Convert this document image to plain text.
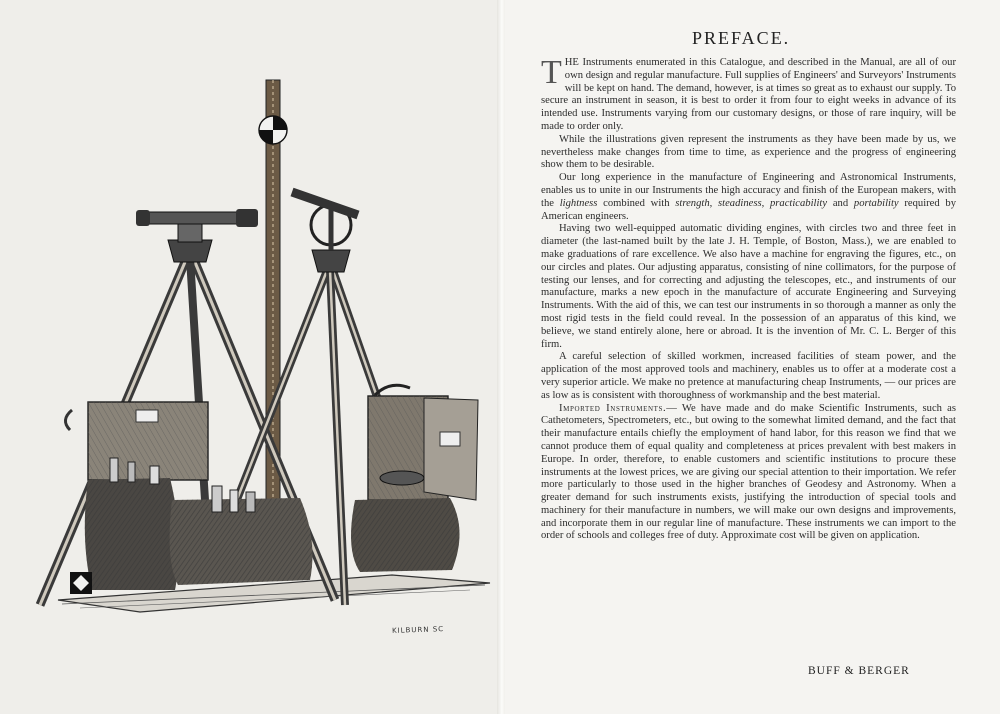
KILBURN SC
PREFACE.

THE Instruments enumerated in this Catalogue, and described in the Manual, are all of our own design and regular manufacture. Full supplies of Engineers' and Surveyors' Instruments will be kept on hand. The demand, however, is at times so great as to exhaust our supply. To secure an instrument in season, it is best to order it from four to eight weeks in advance of its intended use. Instruments varying from our customary designs, or those of rare inquiry, will be made to order only.

While the illustrations given represent the instruments as they have been made by us, we nevertheless make changes from time to time, as experience and the progress of engineering show them to be desirable.

Our long experience in the manufacture of Engineering and Astronomical Instruments, enables us to unite in our Instruments the high accuracy and finish of the European makers, with the lightness combined with strength, steadiness, practicability and portability required by American engineers.

Having two well-equipped automatic dividing engines, with circles two and three feet in diameter (the last-named built by the late J. H. Temple, of Boston, Mass.), we are enabled to make graduations of rare excellence. We also have a machine for engraving the figures, etc., on our circles and plates. Our adjusting apparatus, consisting of nine collimators, for the purpose of testing our lenses, and for correcting and adjusting the telescopes, etc., and instruments of our manufacture, marks a new epoch in the manufacture of accurate Engineering and Surveying Instruments. With the aid of this, we can test our instruments in so thorough a manner as only the most rigid tests in the field could reveal. In the possession of an apparatus of this kind, we believe, we stand entirely alone, here or abroad. It is the invention of Mr. C. L. Berger of this firm.

A careful selection of skilled workmen, increased facilities of steam power, and the application of the most approved tools and machinery, enables us to offer at a moderate cost a very superior article. We make no pretence at manufacturing cheap Instruments, — our prices are as low as is consistent with thoroughness of workmanship and the best material.

Imported Instruments.— We have made and do make Scientific Instruments, such as Cathetometers, Spectrometers, etc., but owing to the somewhat limited demand, and the fact that their manufacture entails chiefly the employment of hand labor, for this reason we find that we cannot produce them of equal quality and completeness at prices prevalent with best makers in Europe. In order, therefore, to enable customers and scientific institutions to procure these instruments at the lowest prices, we are giving our special attention to their importation. We refer more particularly to those used in the higher branches of Geodesy and Astronomy. When a greater demand for such instruments exists, justifying the introduction of special tools and machinery for their manufacture in numbers, we will make our own designs and improvements, and incorporate them in our regular line of manufacture. These instruments we can import to the order of schools and colleges free of duty. Approximate cost will be given on application.

BUFF & BERGER
